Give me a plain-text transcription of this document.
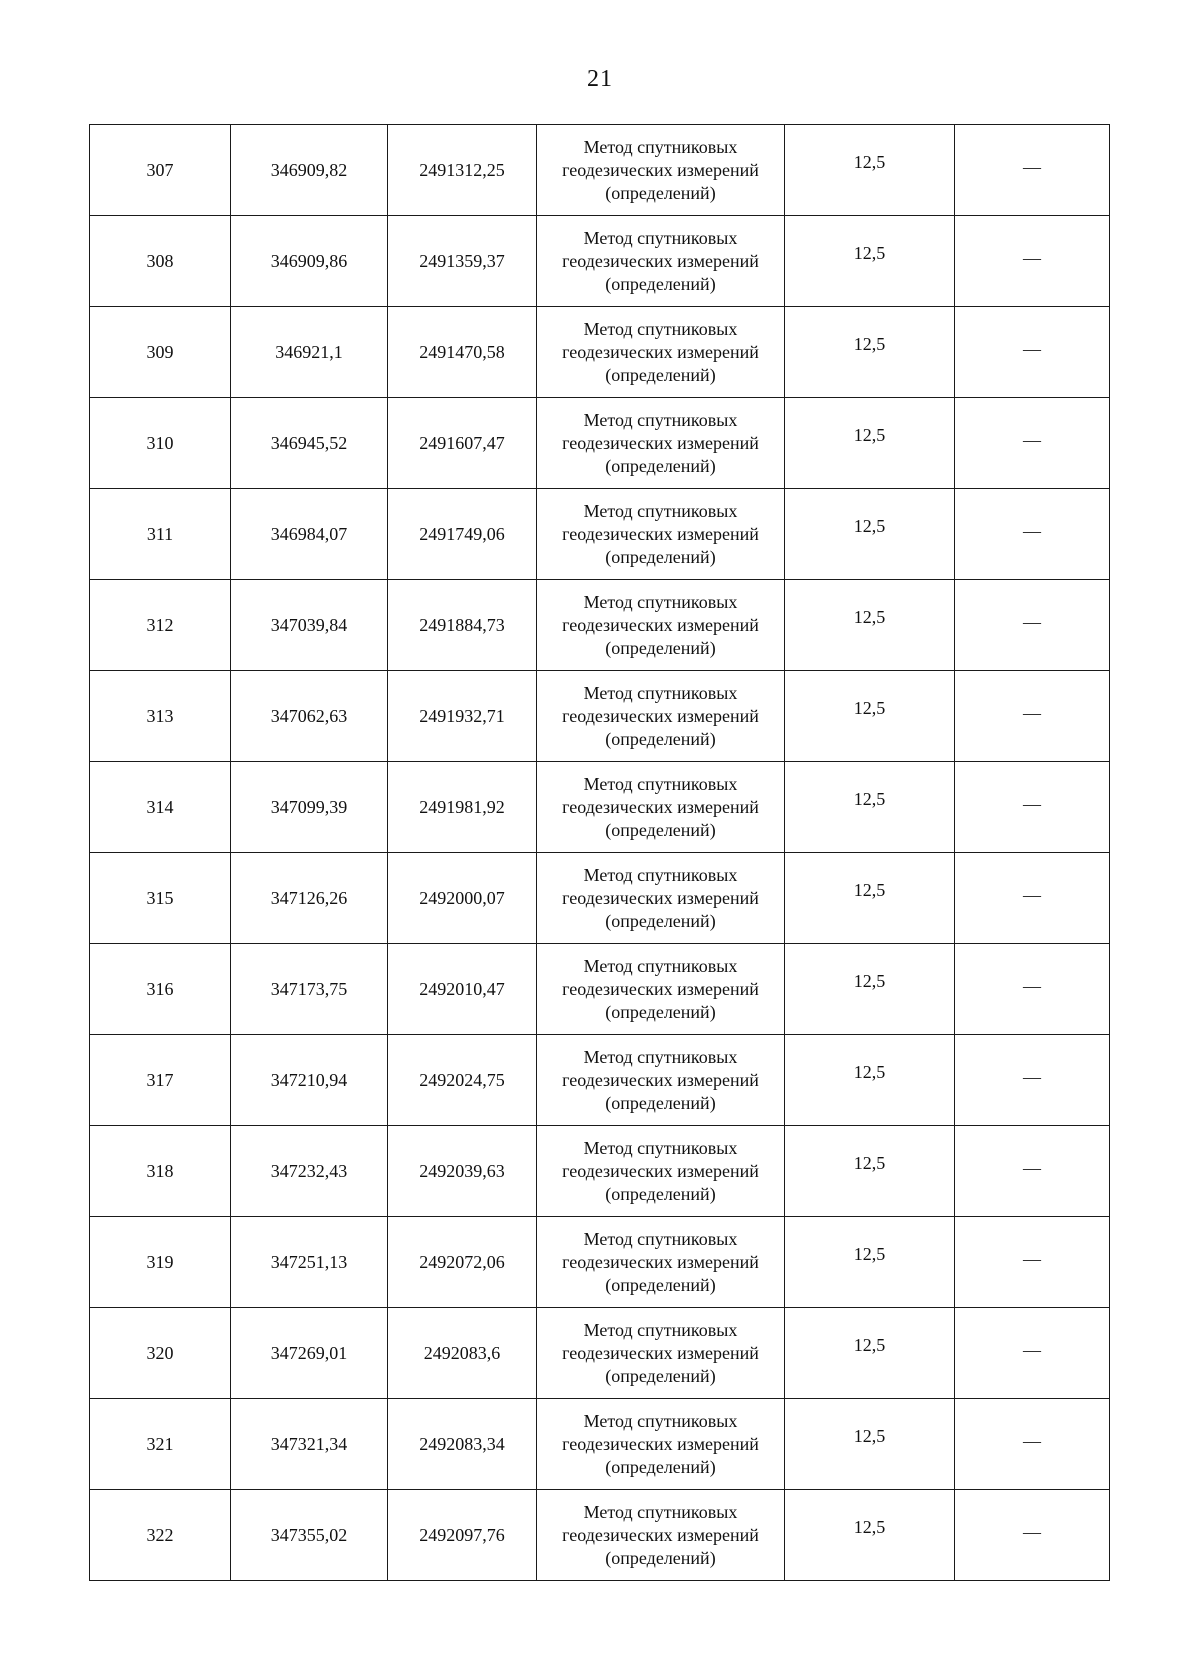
21
307	346909,82	2491312,25	Метод спутниковых геодезических измерений (определений)	12,5	—
308	346909,86	2491359,37	Метод спутниковых геодезических измерений (определений)	12,5	—
309	346921,1	2491470,58	Метод спутниковых геодезических измерений (определений)	12,5	—
310	346945,52	2491607,47	Метод спутниковых геодезических измерений (определений)	12,5	—
311	346984,07	2491749,06	Метод спутниковых геодезических измерений (определений)	12,5	—
312	347039,84	2491884,73	Метод спутниковых геодезических измерений (определений)	12,5	—
313	347062,63	2491932,71	Метод спутниковых геодезических измерений (определений)	12,5	—
314	347099,39	2491981,92	Метод спутниковых геодезических измерений (определений)	12,5	—
315	347126,26	2492000,07	Метод спутниковых геодезических измерений (определений)	12,5	—
316	347173,75	2492010,47	Метод спутниковых геодезических измерений (определений)	12,5	—
317	347210,94	2492024,75	Метод спутниковых геодезических измерений (определений)	12,5	—
318	347232,43	2492039,63	Метод спутниковых геодезических измерений (определений)	12,5	—
319	347251,13	2492072,06	Метод спутниковых геодезических измерений (определений)	12,5	—
320	347269,01	2492083,6	Метод спутниковых геодезических измерений (определений)	12,5	—
321	347321,34	2492083,34	Метод спутниковых геодезических измерений (определений)	12,5	—
322	347355,02	2492097,76	Метод спутниковых геодезических измерений (определений)	12,5	—
